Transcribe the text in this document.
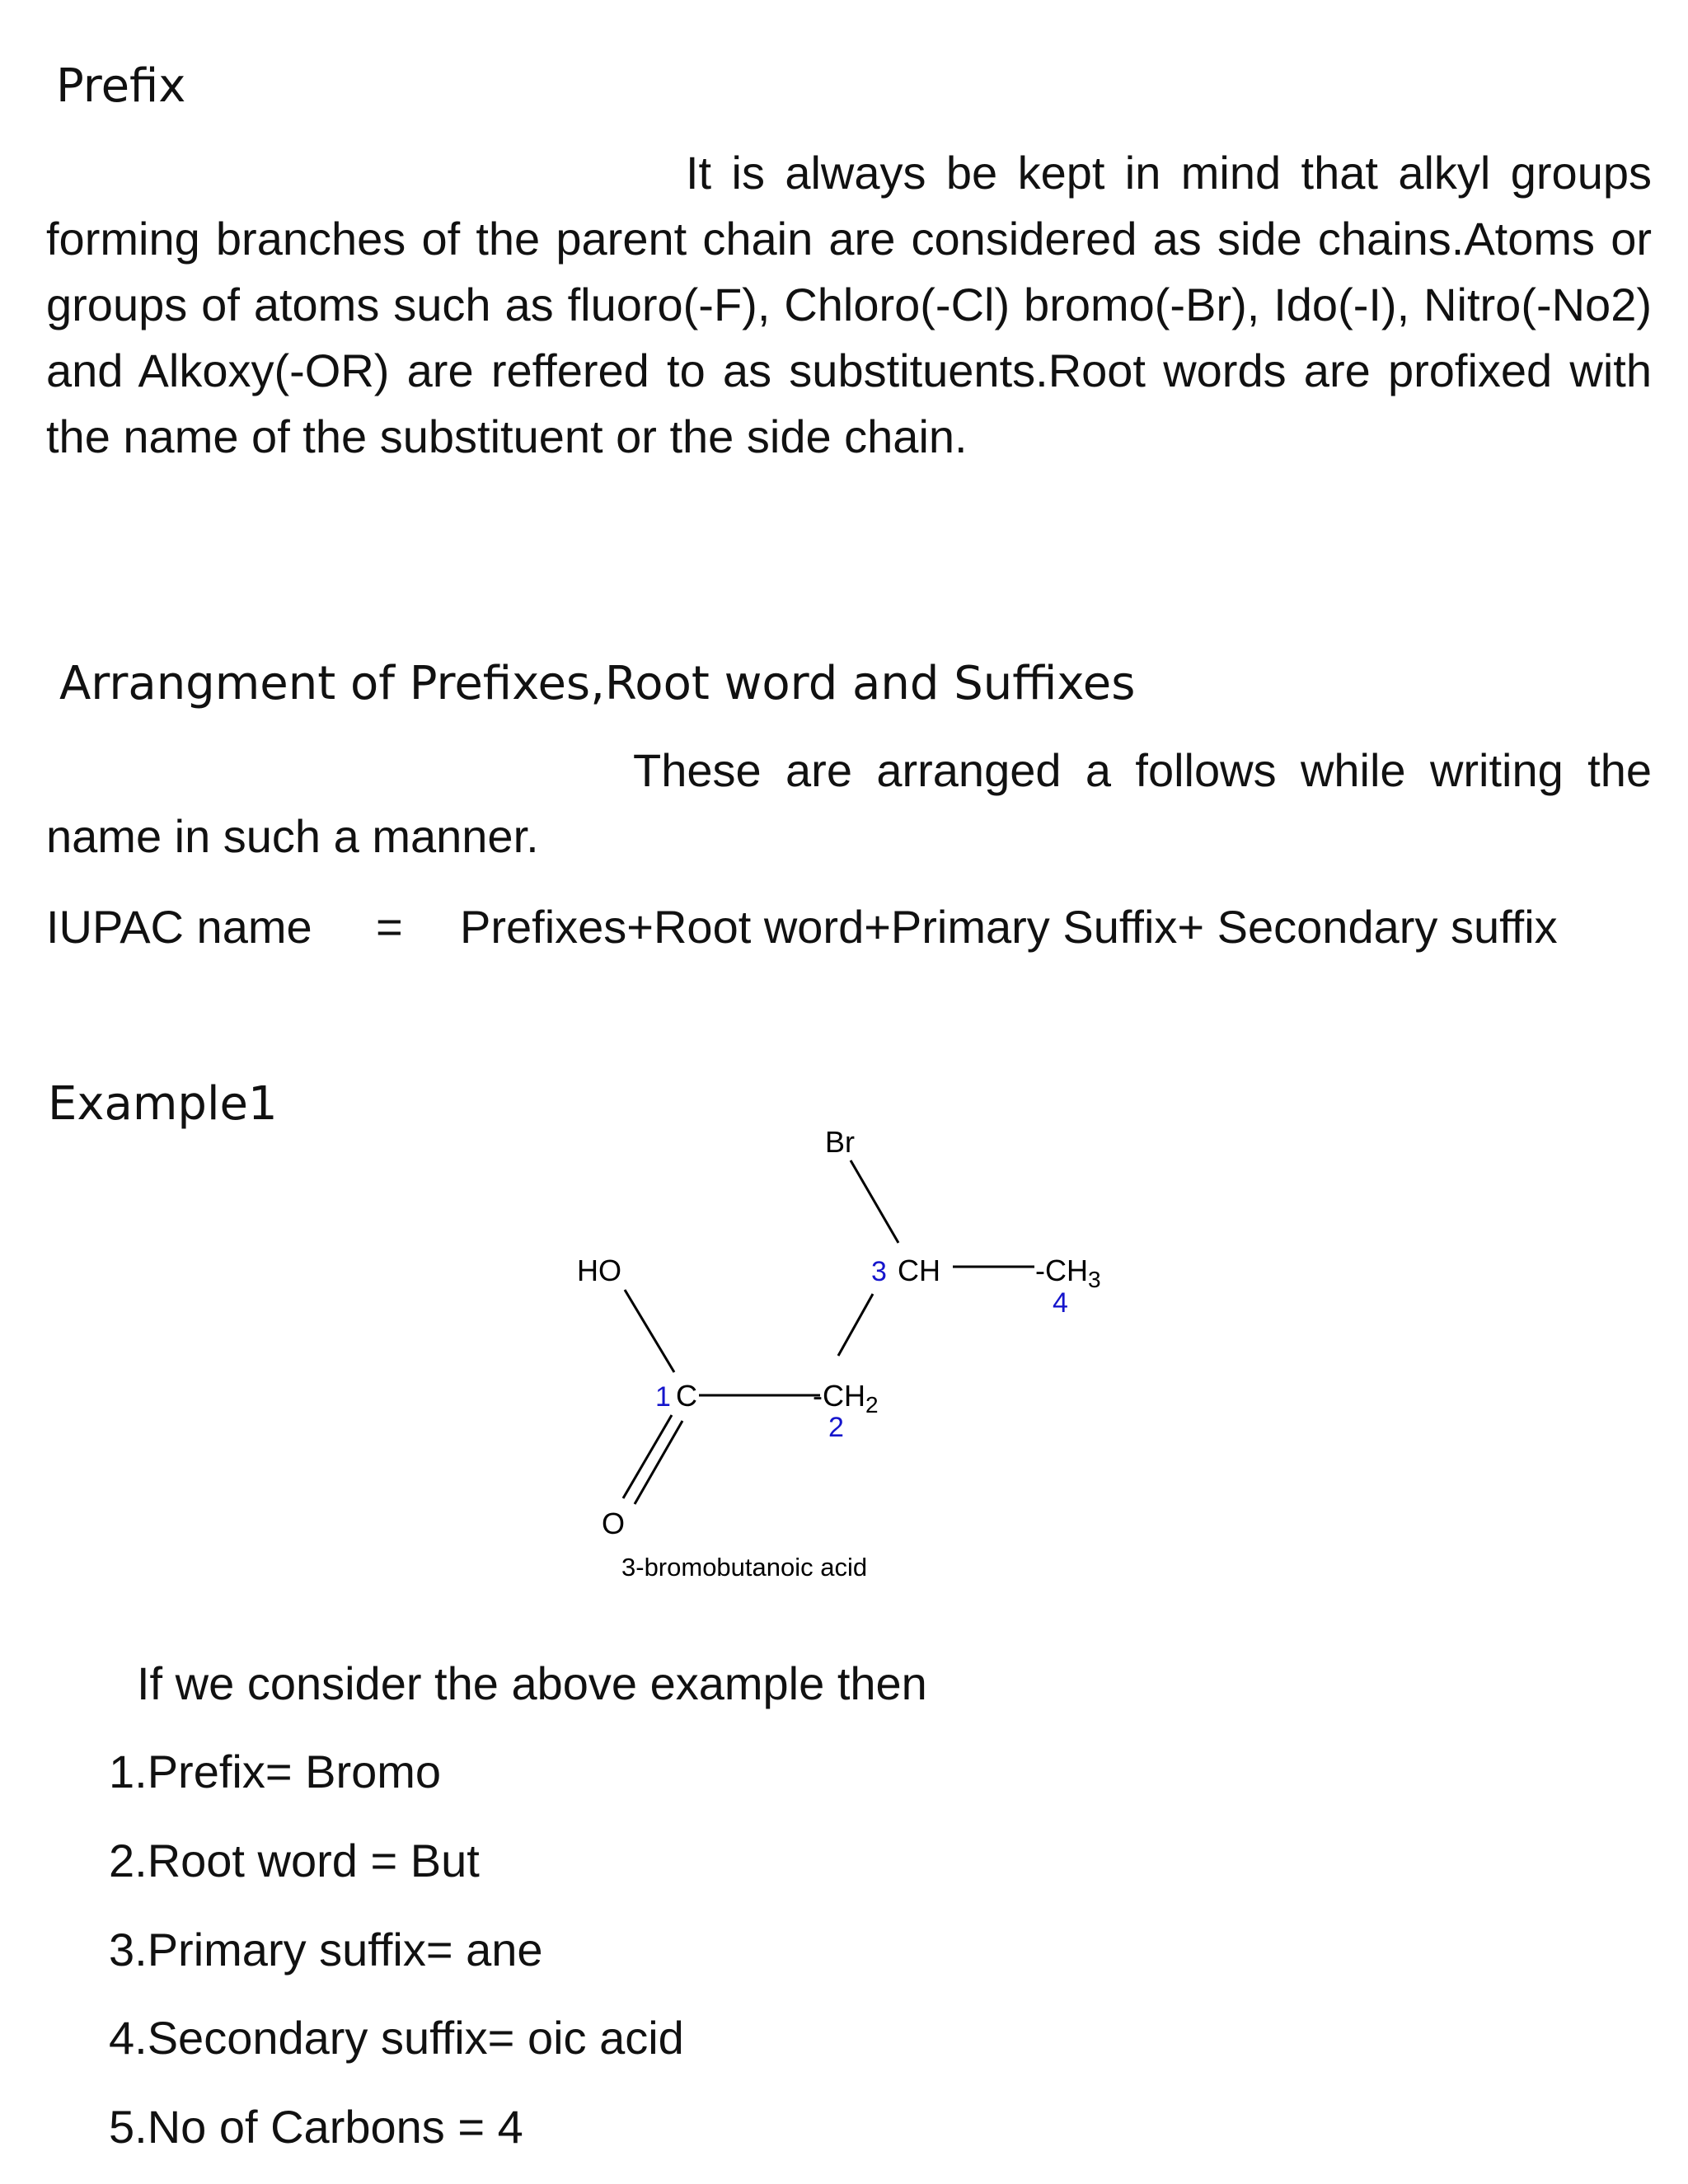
Prefix

It is always be kept in mind that alkyl groups forming branches of the parent chain are considered as side chains.Atoms or groups of atoms such as fluoro(-F), Chloro(-Cl) bromo(-Br), Ido(-I), Nitro(-No2) and Alkoxy(-OR) are reffered to as substituents.Root words are profixed with the name of the substituent or the side chain.

Arrangment of Prefixes,Root word and Suffixes

These are arranged a follows while writing the name in such a manner.

IUPAC name = Prefixes+Root word+Primary Suffix+ Secondary suffix
Example1
Br
HO	CH	$-CH_3$
C	$-CH_2$
O
1
2
3
4
3-bromobutanoic acid
If we consider the above example then
1.Prefix= Bromo
2.Root word = But
3.Primary suffix= ane
4.Secondary suffix= oic acid
5.No of Carbons = 4
